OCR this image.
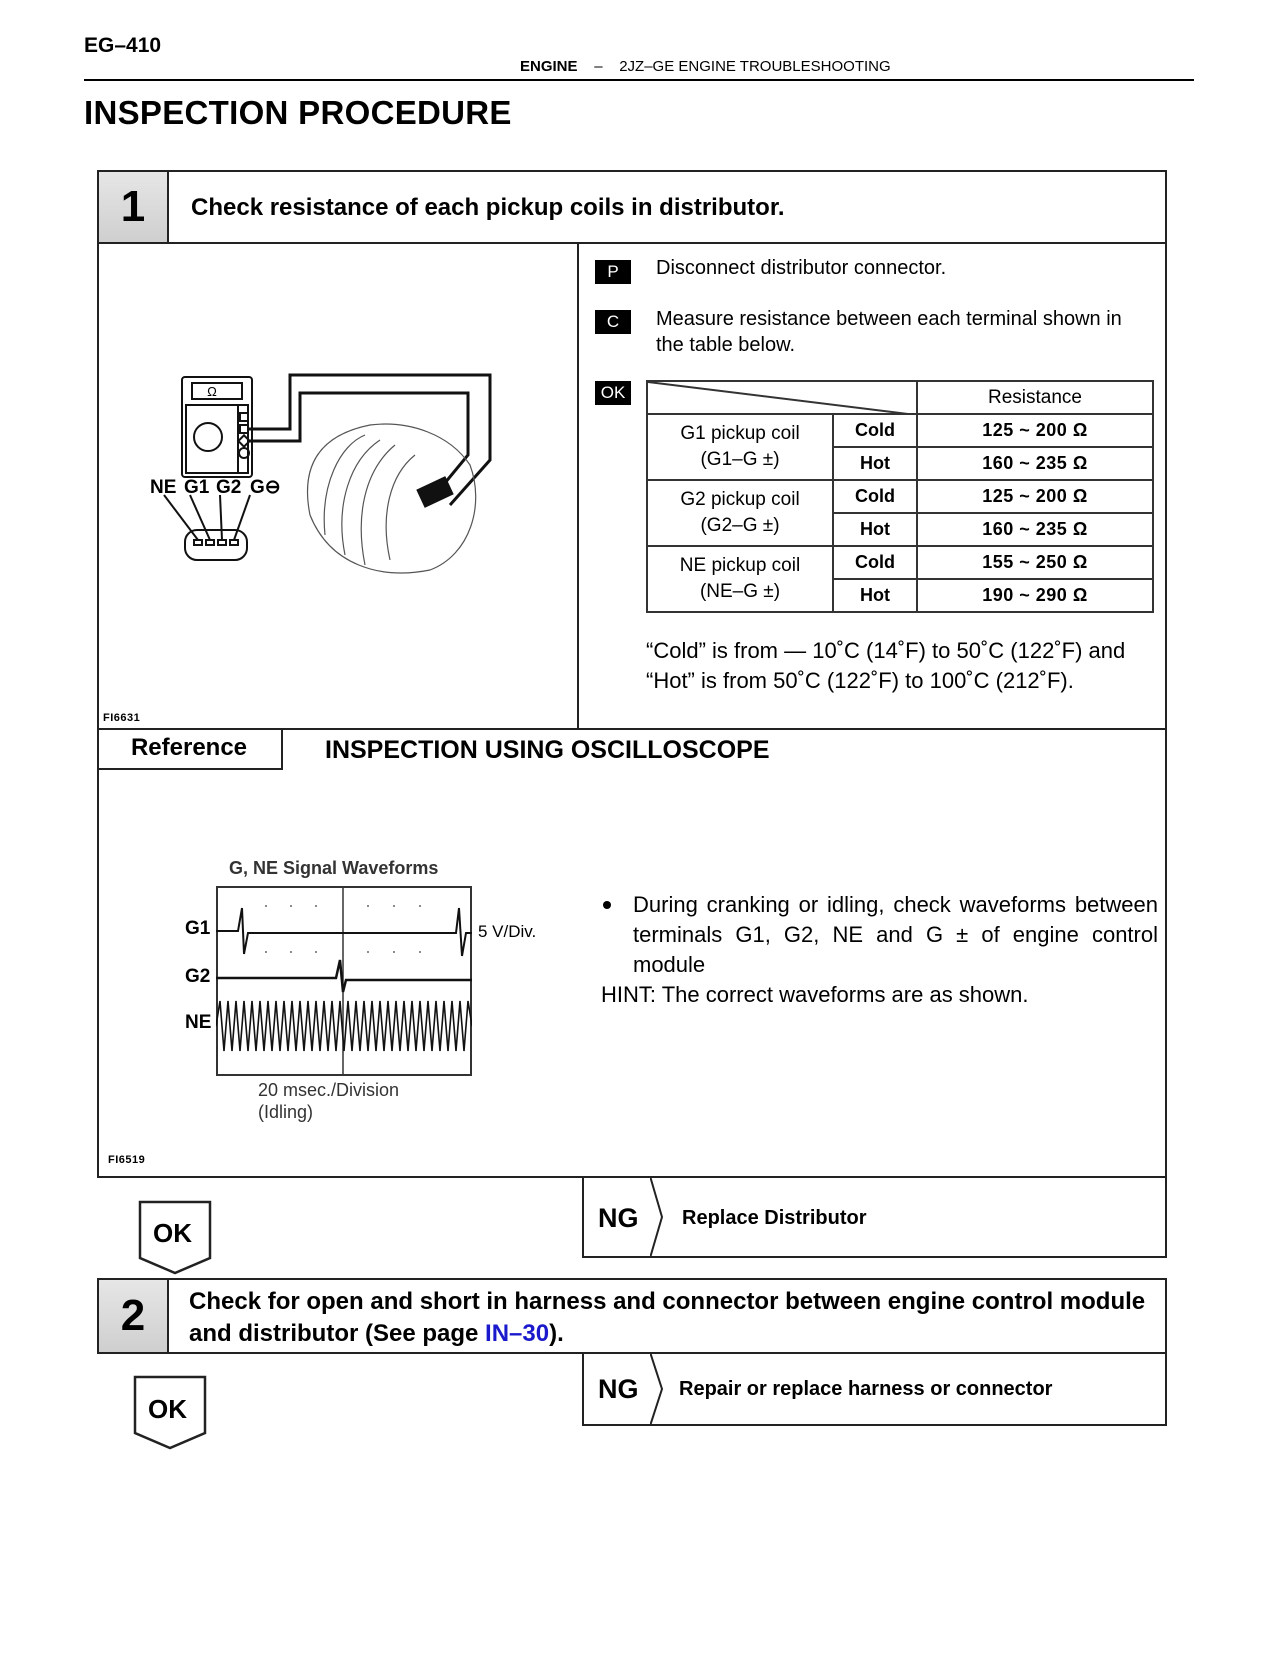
EG–410
ENGINE – 2JZ–GE ENGINE TROUBLESHOOTING
INSPECTION PROCEDURE
1	Check resistance of each pickup coils in distributor.
Ω
NE G1 G2 G⊖
FI6631
P	Disconnect distributor connector.
C	Measure resistance between each terminal shown in the table below.
OK
		Resistance
G1 pickup coil
(G1–G ±)	Cold	125 ~ 200 Ω
	Hot	160 ~ 235 Ω
G2 pickup coil
(G2–G ±)	Cold	125 ~ 200 Ω
	Hot	160 ~ 235 Ω
NE pickup coil
(NE–G ±)	Cold	155 ~ 250 Ω
	Hot	190 ~ 290 Ω
“Cold” is from — 10˚C (14˚F) to 50˚C (122˚F) and “Hot” is from 50˚C (122˚F) to 100˚C (212˚F).
Reference	INSPECTION USING OSCILLOSCOPE
G, NE Signal Waveforms
G1
G2
NE
5 V/Div.
20 msec./Division
(Idling)
FI6519
During cranking or idling, check waveforms between terminals G1, G2, NE and G ± of engine control module
HINT: The correct waveforms are as shown.
OK	NG Replace Distributor
2	Check for open and short in harness and connector between engine control module and distributor (See page IN–30).
OK
NG Repair or replace harness or connector
